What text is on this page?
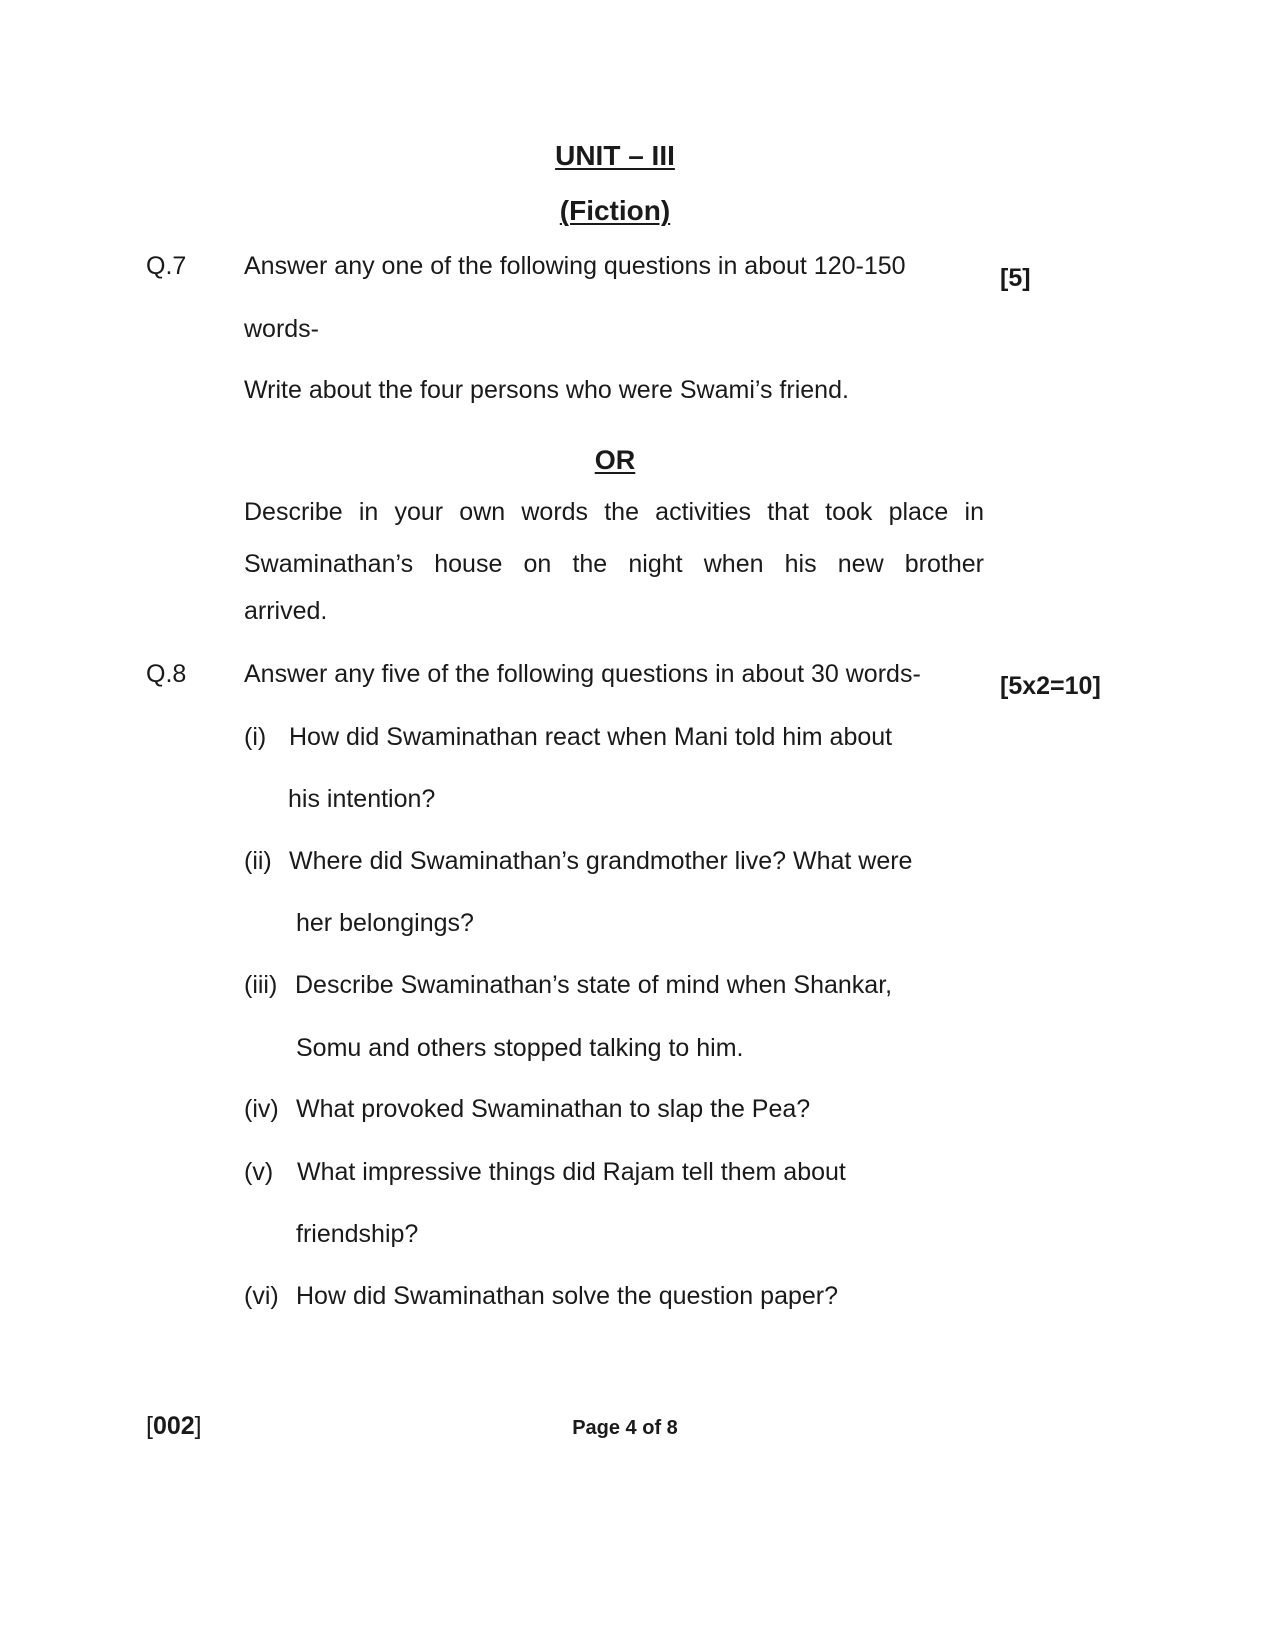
UNIT – III
(Fiction)
Q.7 Answer any one of the following questions in about 120-150	[5]
words-
Write about the four persons who were Swami’s friend.
OR
Describe in your own words the activities that took place in
Swaminathan’s house on the night when his new brother
arrived.
Q.8 Answer any five of the following questions in about 30 words-	[5x2=10]
(i) How did Swaminathan react when Mani told him about
his intention?
(ii) Where did Swaminathan’s grandmother live? What were
her belongings?
(iii) Describe Swaminathan’s state of mind when Shankar,
Somu and others stopped talking to him.
(iv) What provoked Swaminathan to slap the Pea?
(v) What impressive things did Rajam tell them about
friendship?
(vi) How did Swaminathan solve the question paper?
[002]	Page 4 of 8
